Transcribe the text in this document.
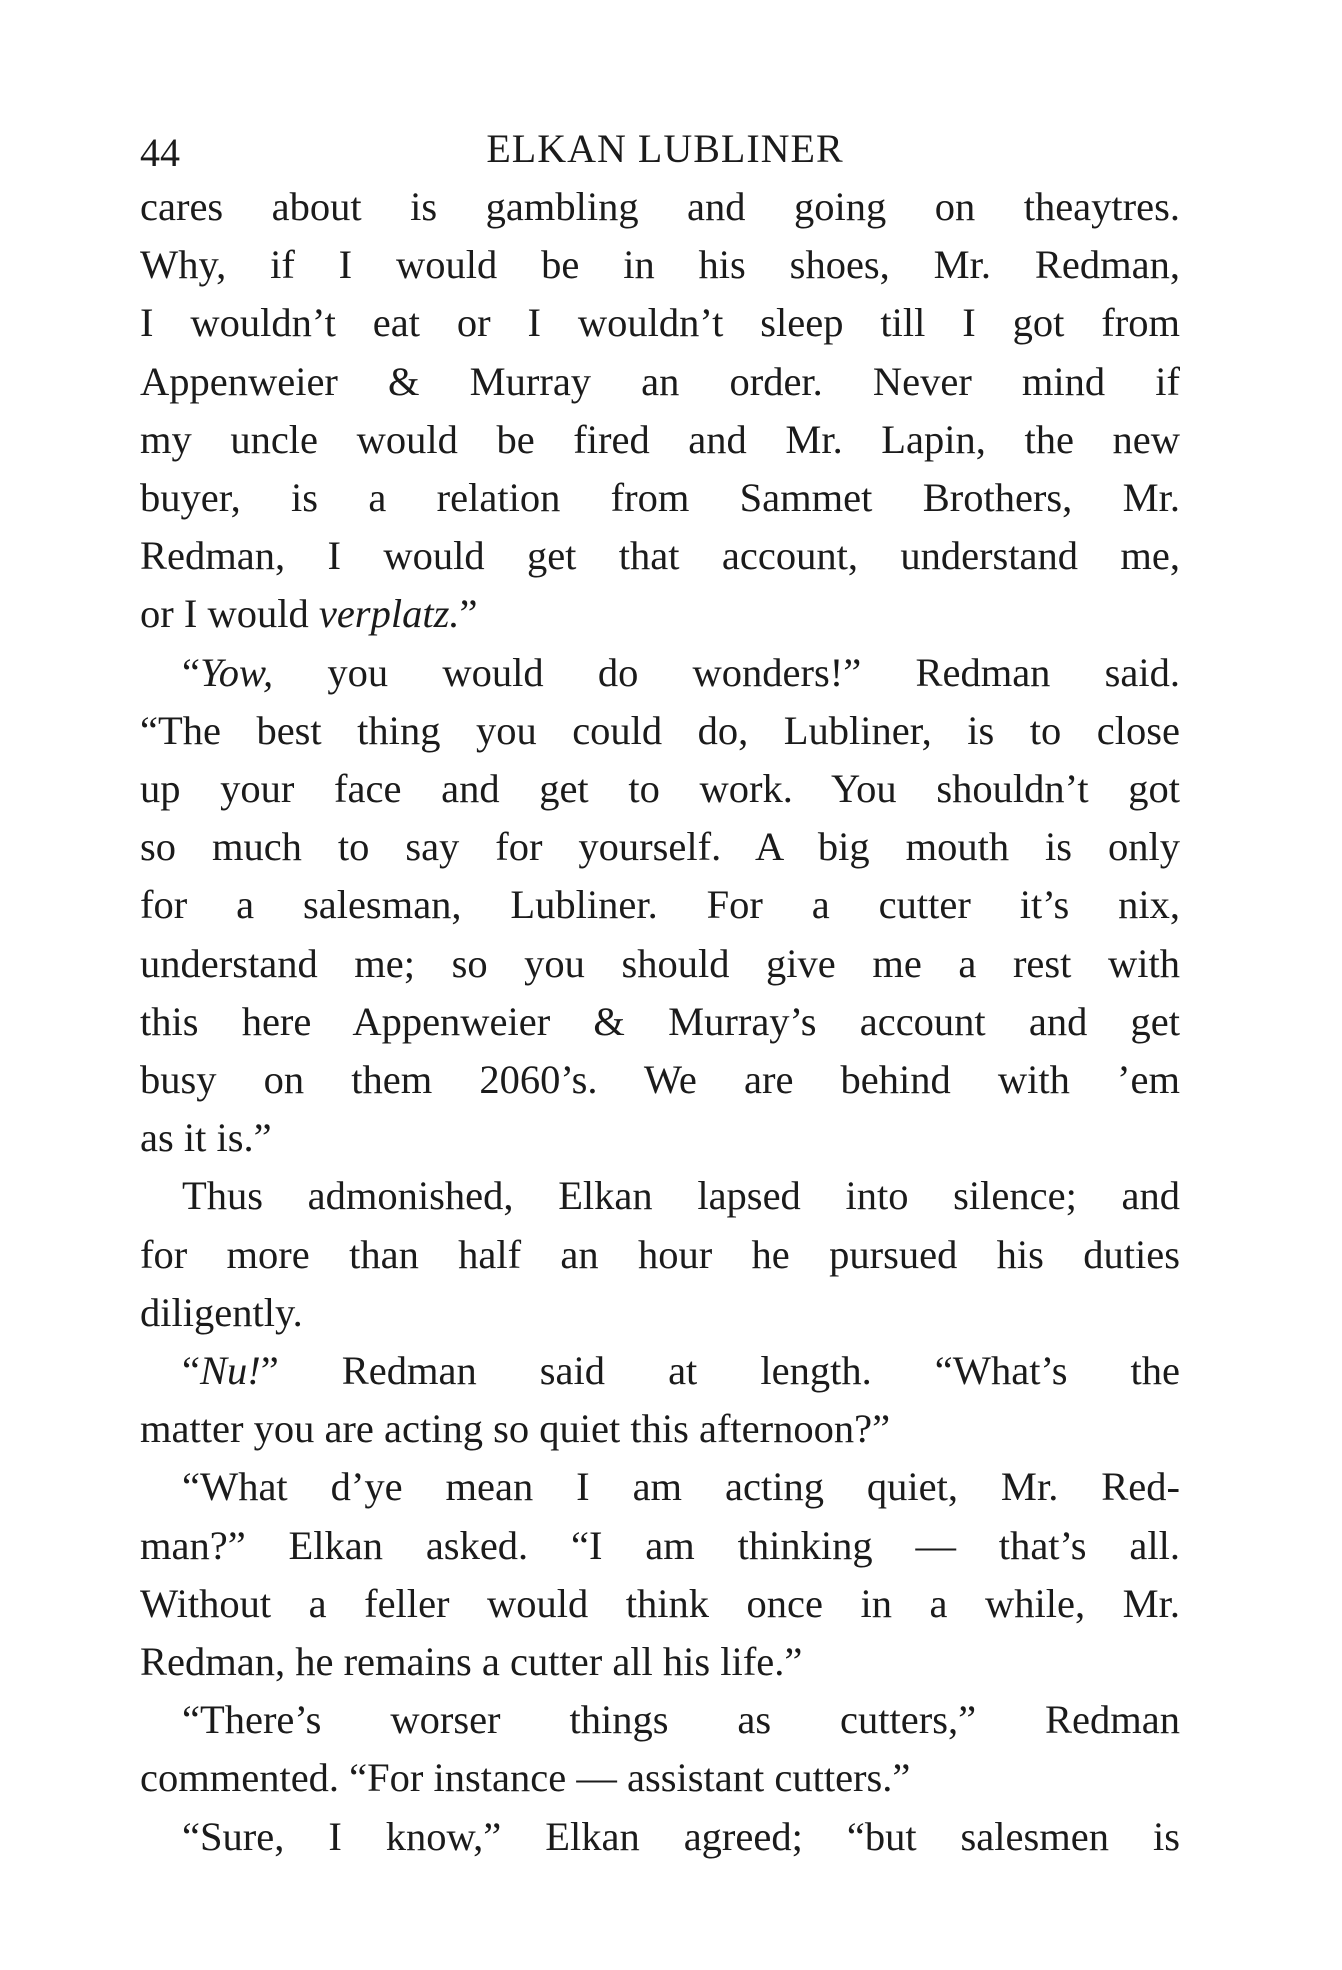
44	ELKAN LUBLINER
cares about is gambling and going on theaytres.
Why, if I would be in his shoes, Mr. Redman,
I wouldn’t eat or I wouldn’t sleep till I got from
Appenweier & Murray an order. Never mind if
my uncle would be fired and Mr. Lapin, the new
buyer, is a relation from Sammet Brothers, Mr.
Redman, I would get that account, understand me,
or I would verplatz.”
“Yow, you would do wonders!” Redman said.
“The best thing you could do, Lubliner, is to close
up your face and get to work. You shouldn’t got
so much to say for yourself. A big mouth is only
for a salesman, Lubliner. For a cutter it’s nix,
understand me; so you should give me a rest with
this here Appenweier & Murray’s account and get
busy on them 2060’s. We are behind with ’em
as it is.”
Thus admonished, Elkan lapsed into silence; and
for more than half an hour he pursued his duties
diligently.
“Nu!” Redman said at length. “What’s the
matter you are acting so quiet this afternoon?”
“What d’ye mean I am acting quiet, Mr. Red-
man?” Elkan asked. “I am thinking — that’s all.
Without a feller would think once in a while, Mr.
Redman, he remains a cutter all his life.”
“There’s worser things as cutters,” Redman
commented. “For instance — assistant cutters.”
“Sure, I know,” Elkan agreed; “but salesmen is
